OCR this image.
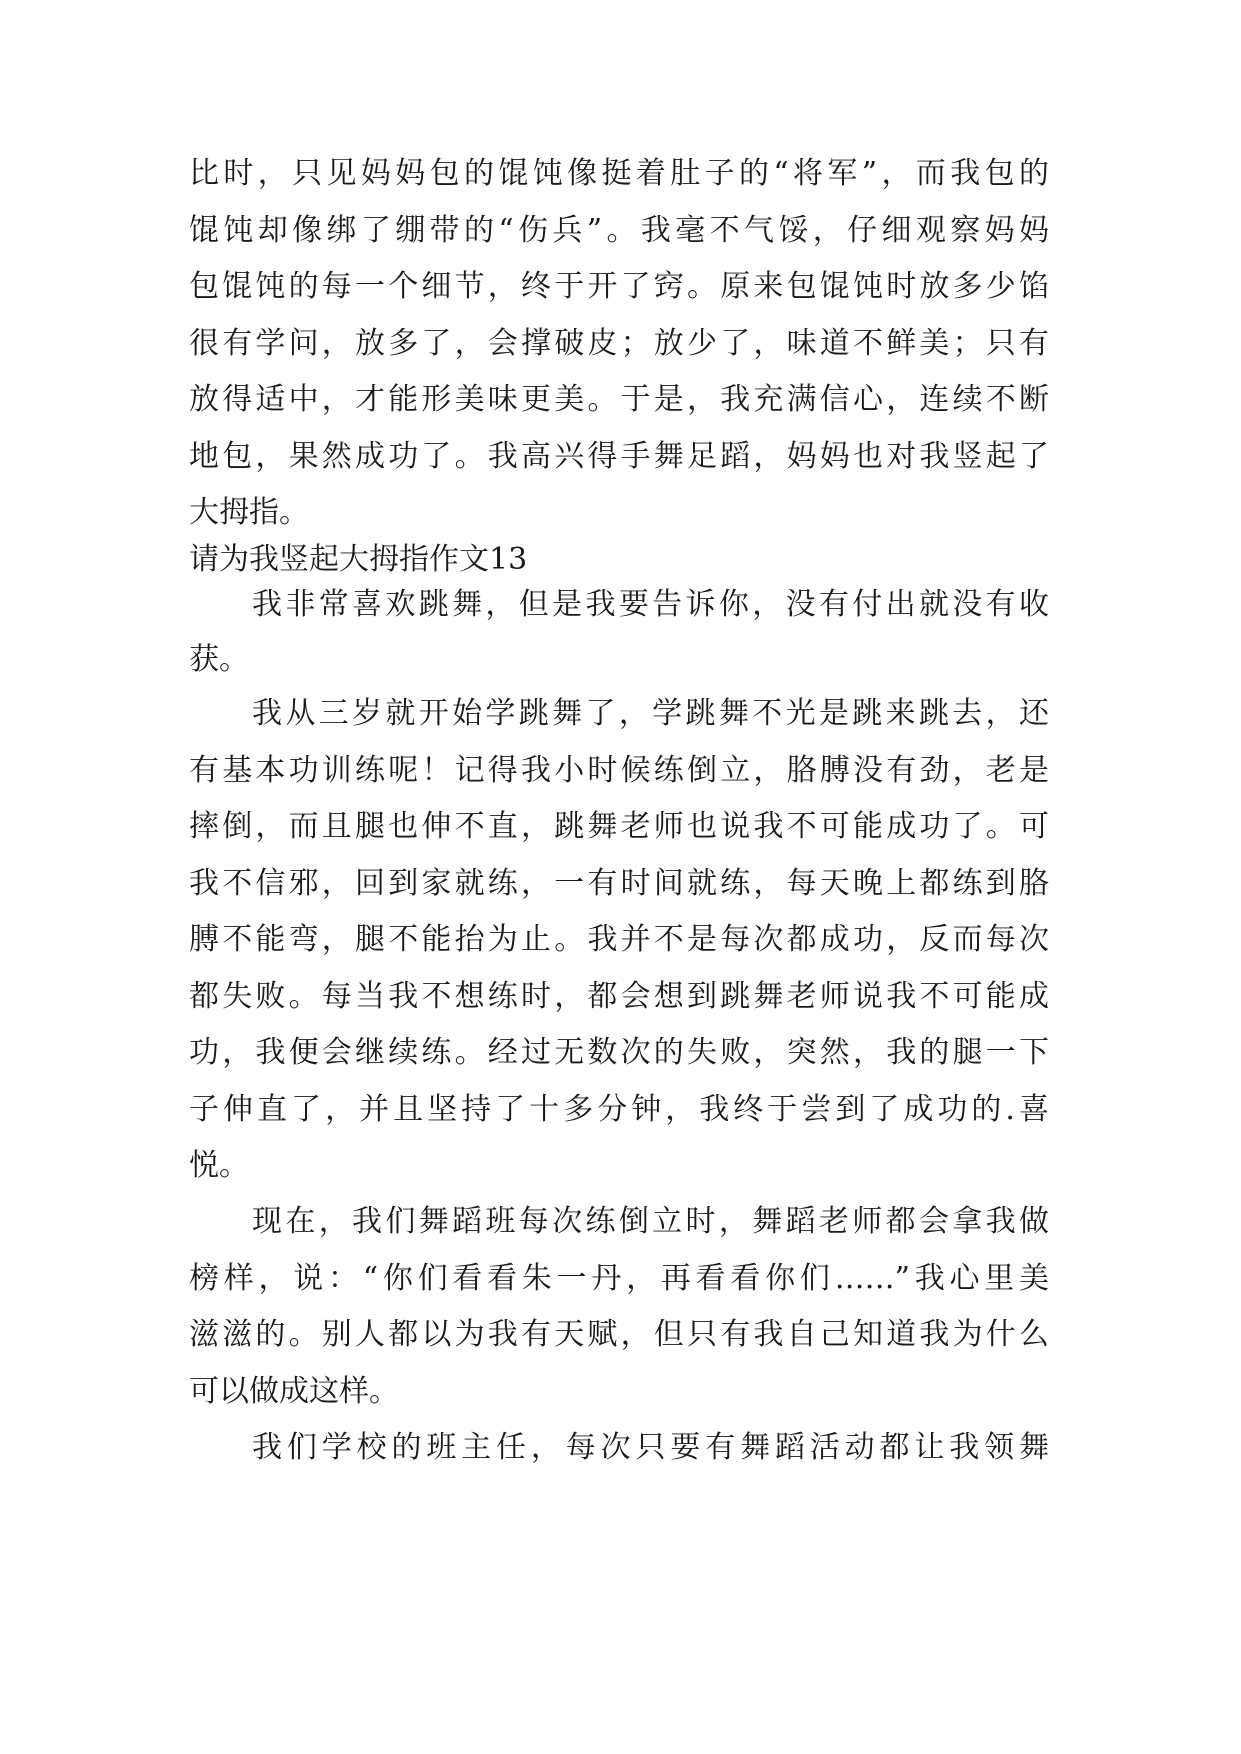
比时，只见妈妈包的馄饨像挺着肚子的“将军”，而我包的
馄饨却像绑了绷带的“伤兵”。我毫不气馁，仔细观察妈妈
包馄饨的每一个细节，终于开了窍。原来包馄饨时放多少馅
很有学问，放多了，会撑破皮；放少了，味道不鲜美；只有
放得适中，才能形美味更美。于是，我充满信心，连续不断
地包，果然成功了。我高兴得手舞足蹈，妈妈也对我竖起了
大拇指。
请为我竖起大拇指作文13
我非常喜欢跳舞，但是我要告诉你，没有付出就没有收
获。
我从三岁就开始学跳舞了，学跳舞不光是跳来跳去，还
有基本功训练呢！记得我小时候练倒立，胳膊没有劲，老是
摔倒，而且腿也伸不直，跳舞老师也说我不可能成功了。可
我不信邪，回到家就练，一有时间就练，每天晚上都练到胳
膊不能弯，腿不能抬为止。我并不是每次都成功，反而每次
都失败。每当我不想练时，都会想到跳舞老师说我不可能成
功，我便会继续练。经过无数次的失败，突然，我的腿一下
子伸直了，并且坚持了十多分钟，我终于尝到了成功的.喜
悦。
现在，我们舞蹈班每次练倒立时，舞蹈老师都会拿我做
榜样，说：“你们看看朱一丹，再看看你们……”我心里美
滋滋的。别人都以为我有天赋，但只有我自己知道我为什么
可以做成这样。
我们学校的班主任，每次只要有舞蹈活动都让我领舞
